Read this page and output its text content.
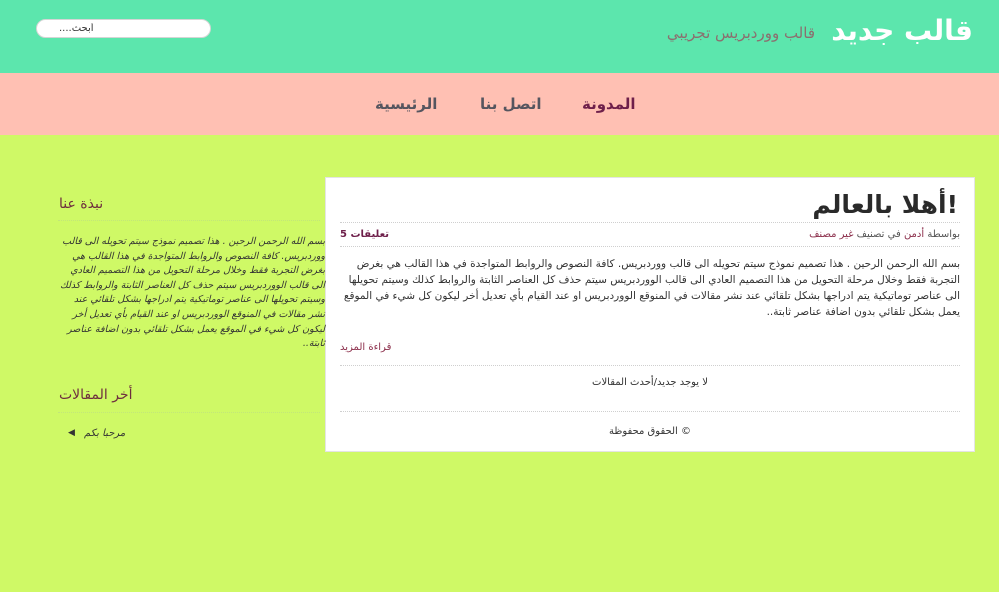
قالب جديد
قالب ووردبريس تجريبي
أبحث....
المدونة
اتصل بنا
الرئيسية
!أهلا بالعالم
بواسطة أدمن في تصنيف غير مصنف
تعليقات 5

بسم الله الرحمن الرحين . هذا تصميم نموذج سيتم تحويله الى قالب ووردبريس. كافة النصوص والروابط المتواجدة في هذا القالب هي بغرض التجربة فقط وخلال مرحلة التحويل من هذا التصميم العادي الى قالب الووردبريس سيتم حذف كل العناصر الثابتة والروابط كذلك وسيتم تحويلها الى عناصر توماتيكية يتم ادراجها بشكل تلقائي عند نشر مقالات في المنوقع الووردبريس او عند القيام بأي تعديل أخر ليكون كل شيء في الموقع يعمل بشكل تلقائي بدون اضافة عناصر ثابتة..

قراءة المزيد
لا يوجد جديد/أحدث المقالات
© الحقوق محفوظة
نبذة عنا

بسم الله الرحمن الرحين . هذا تصميم نموذج سيتم تحويله الى قالب ووردبريس. كافة النصوص والروابط المتواجدة في هذا القالب هي بغرض التجربة فقط وخلال مرحلة التحويل من هذا التصميم العادي الى قالب الووردبريس سيتم حذف كل العناصر الثابتة والروابط كذلك وسيتم تحويلها الى عناصر توماتيكية يتم ادراجها بشكل تلقائي عند نشر مقالات في المنوقع الووردبريس او عند القيام بأي تعديل أخر ليكون كل شيء في الموقع يعمل بشكل تلقائي بدون اضافة عناصر ثابتة..

أخر المقالات
◀ مرحبا بكم
